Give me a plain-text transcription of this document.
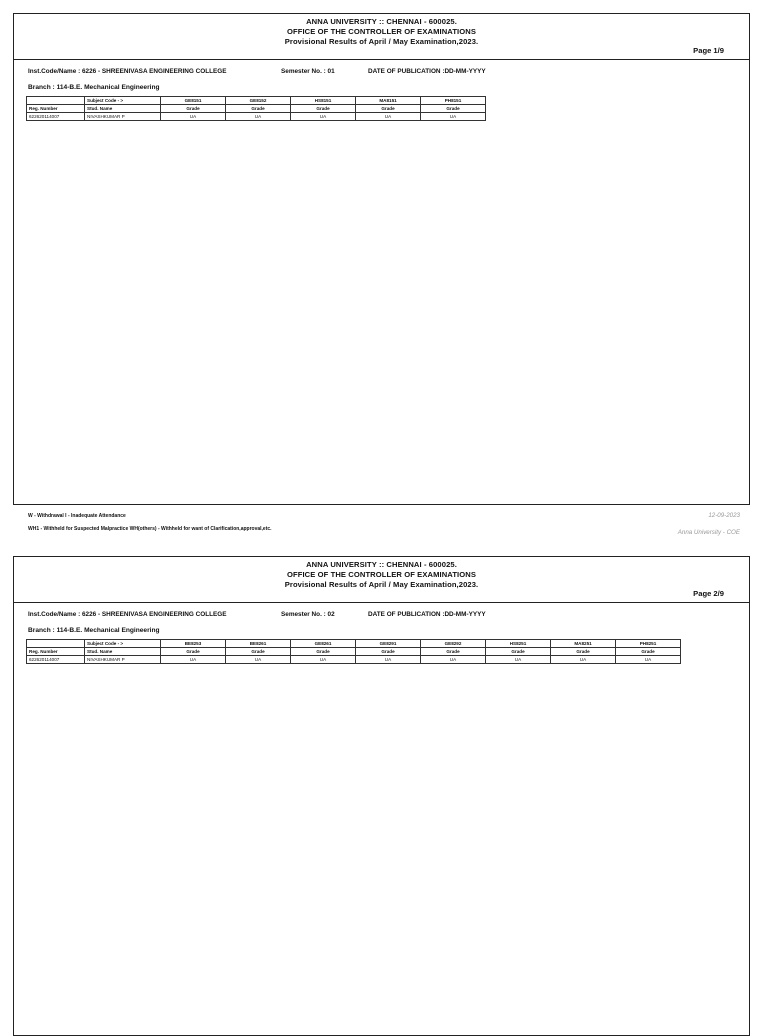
ANNA UNIVERSITY :: CHENNAI - 600025.
OFFICE OF THE CONTROLLER OF EXAMINATIONS
Provisional Results of April / May Examination,2023.
Page 1/9
Inst.Code/Name : 6226 - SHREENIVASA ENGINEERING COLLEGE	Semester No. : 01	DATE OF PUBLICATION :DD-MM-YYYY
Branch : 114-B.E. Mechanical Engineering
	Subject Code - >	GE8151	GE8152	HS8151	MA8151	PH8151
Reg. Number	Stud. Name	Grade	Grade	Grade	Grade	Grade
622620114007	NIVASHKUMAR P	UA	UA	UA	UA	UA
W - Withdrawal I - Inadequate Attendance
WH1 - Withheld for Suspected Malpractice WH(others) - Withheld for want of Clarification,approval,etc.
12-09-2023
Anna University - COE
ANNA UNIVERSITY :: CHENNAI - 600025.
OFFICE OF THE CONTROLLER OF EXAMINATIONS
Provisional Results of April / May Examination,2023.
Page 2/9
Inst.Code/Name : 6226 - SHREENIVASA ENGINEERING COLLEGE	Semester No. : 02	DATE OF PUBLICATION :DD-MM-YYYY
Branch : 114-B.E. Mechanical Engineering
	Subject Code - >	BE8253	BE8261	GE8261	GE8291	GE8292	HS8251	MA8251	PH8251
Reg. Number	Stud. Name	Grade	Grade	Grade	Grade	Grade	Grade	Grade	Grade
622620114007	NIVASHKUMAR P	UA	UA	UA	UA	UA	UA	UA	UA
